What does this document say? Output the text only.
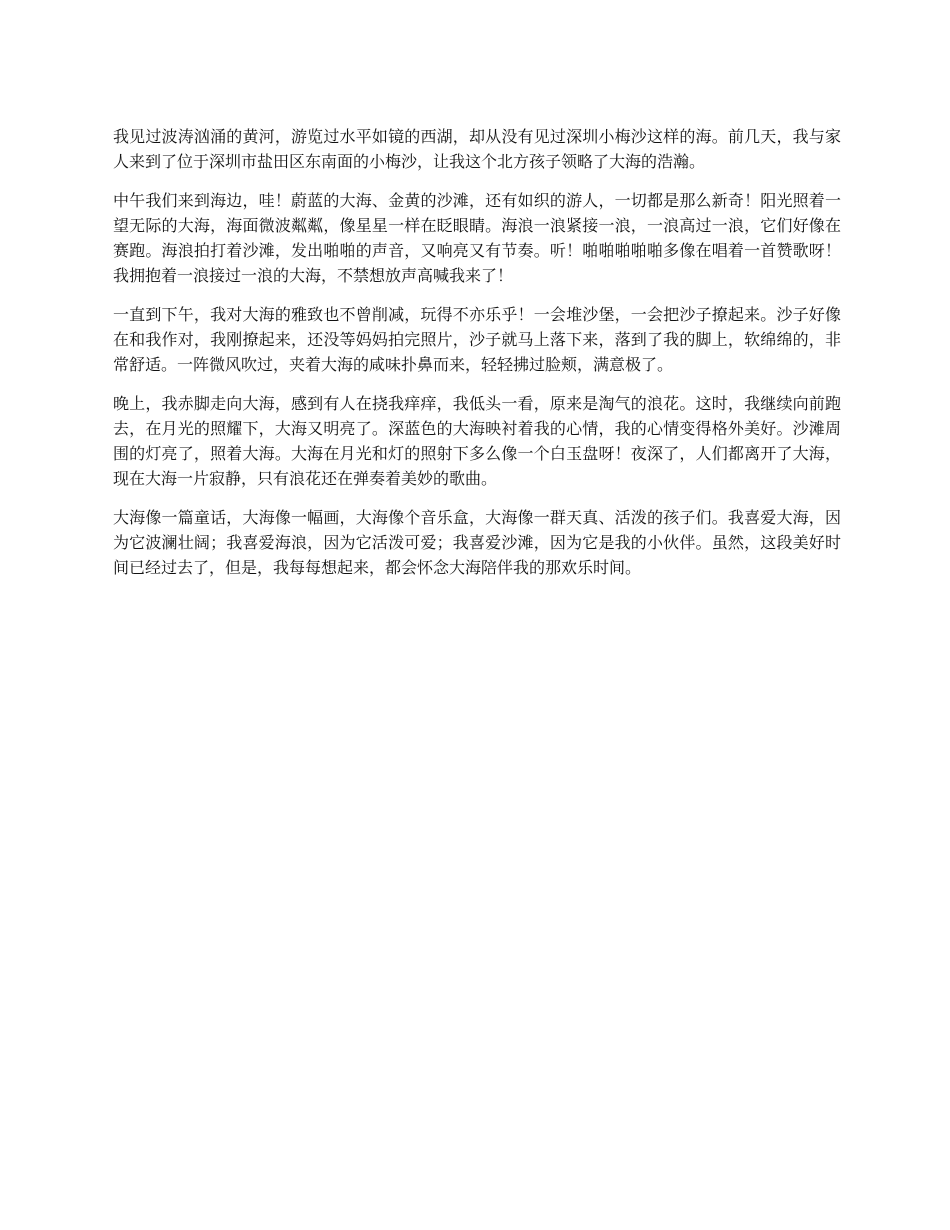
我见过波涛汹涌的黄河，游览过水平如镜的西湖，却从没有见过深圳小梅沙这样的海。前几天，我与家人来到了位于深圳市盐田区东南面的小梅沙，让我这个北方孩子领略了大海的浩瀚。

中午我们来到海边，哇！蔚蓝的大海、金黄的沙滩，还有如织的游人，一切都是那么新奇！阳光照着一望无际的大海，海面微波粼粼，像星星一样在眨眼睛。海浪一浪紧接一浪，一浪高过一浪，它们好像在赛跑。海浪拍打着沙滩，发出啪啪的声音，又响亮又有节奏。听！啪啪啪啪啪多像在唱着一首赞歌呀！我拥抱着一浪接过一浪的大海，不禁想放声高喊我来了！

一直到下午，我对大海的雅致也不曾削减，玩得不亦乐乎！一会堆沙堡，一会把沙子撩起来。沙子好像在和我作对，我刚撩起来，还没等妈妈拍完照片，沙子就马上落下来，落到了我的脚上，软绵绵的，非常舒适。一阵微风吹过，夹着大海的咸味扑鼻而来，轻轻拂过脸颊，满意极了。

晚上，我赤脚走向大海，感到有人在挠我痒痒，我低头一看，原来是淘气的浪花。这时，我继续向前跑去，在月光的照耀下，大海又明亮了。深蓝色的大海映衬着我的心情，我的心情变得格外美好。沙滩周围的灯亮了，照着大海。大海在月光和灯的照射下多么像一个白玉盘呀！夜深了，人们都离开了大海，现在大海一片寂静，只有浪花还在弹奏着美妙的歌曲。

大海像一篇童话，大海像一幅画，大海像个音乐盒，大海像一群天真、活泼的孩子们。我喜爱大海，因为它波澜壮阔；我喜爱海浪，因为它活泼可爱；我喜爱沙滩，因为它是我的小伙伴。虽然，这段美好时间已经过去了，但是，我每每想起来，都会怀念大海陪伴我的那欢乐时间。
